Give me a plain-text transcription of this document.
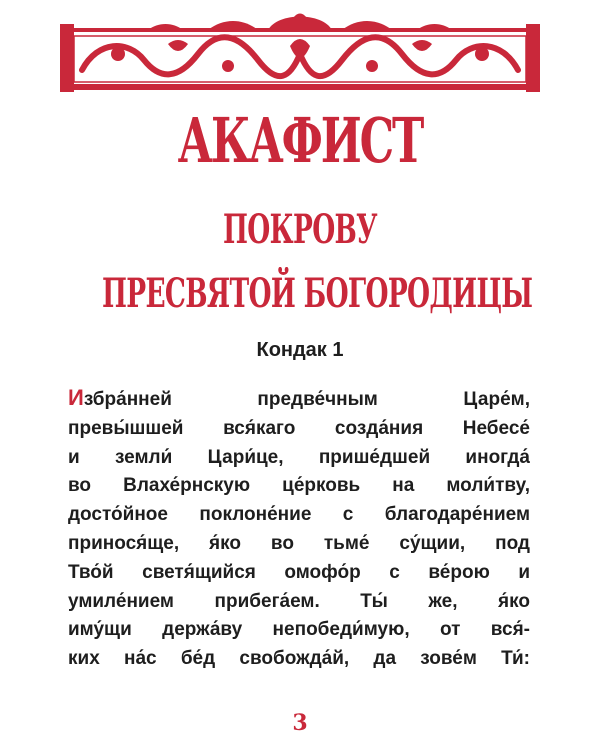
АКАФИСТ
ПОКРОВУ
ПРЕСВЯТОЙ БОГОРОДИЦЫ
Кондак 1
Избра́нней предве́чным Царе́м,
превы́шшей вся́каго созда́ния Небесе́
и земли́ Цари́це, прише́дшей иногда́
во Влахе́рнскую це́рковь на моли́тву,
досто́йное поклоне́ние с благодаре́нием
принося́ще, я́ко во тьме́ су́щии, под
Тво́й светя́щийся омофо́р с ве́рою и
умиле́нием прибега́ем. Ты́ же, я́ко
иму́щи держа́ву непобеди́мую, от вся́-
ких на́с бе́д свобожда́й, да зове́м Ти́:
3
